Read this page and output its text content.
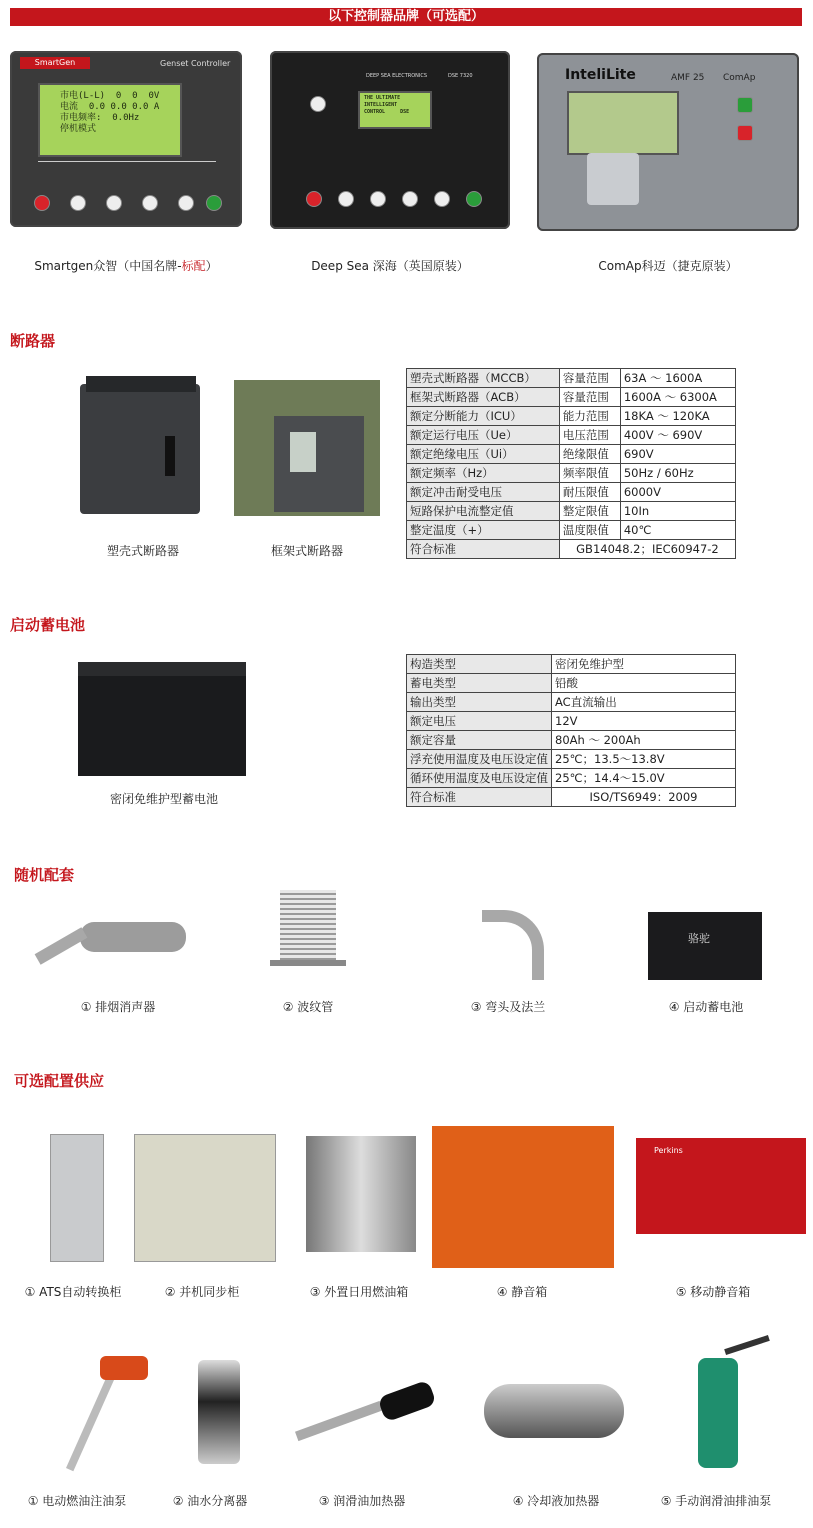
以下控制器品牌（可选配）
SmartGen	Genset Controller
市电(L-L)  0  0  0V
电流  0.0 0.0 0.0 A
市电频率:  0.0Hz
停机模式
Smartgen众智（中国名牌-标配）
DEEP SEA ELECTRONICS	DSE 7320
THE ULTIMATE
INTELLIGENT
CONTROL     DSE
Deep Sea 深海（英国原装）
InteliLite	AMF 25 ComAp
ComAp科迈（捷克原装）
断路器
塑壳式断路器	框架式断路器
塑壳式断路器（MCCB）	容量范围	63A ～ 1600A
框架式断路器（ACB）	容量范围	1600A ～ 6300A
额定分断能力（ICU）	能力范围	18KA ～ 120KA
额定运行电压（Ue）	电压范围	400V ～ 690V
额定绝缘电压（Ui）	绝缘限值	690V
额定频率（Hz）	频率限值	50Hz / 60Hz
额定冲击耐受电压	耐压限值	6000V
短路保护电流整定值	整定限值	10In
整定温度（+）	温度限值	40℃
符合标准	GB14048.2；IEC60947-2	
启动蓄电池
密闭免维护型蓄电池
构造类型	密闭免维护型
蓄电类型	铅酸
输出类型	AC直流输出
额定电压	12V
额定容量	80Ah ～ 200Ah
浮充使用温度及电压设定值	25℃；13.5～13.8V
循环使用温度及电压设定值	25℃；14.4～15.0V
符合标准	ISO/TS6949：2009
随机配套
① 排烟消声器	② 波纹管	③ 弯头及法兰
骆驼
④ 启动蓄电池
可选配置供应
Perkins
① ATS自动转换柜	② 并机同步柜	③ 外置日用燃油箱	④ 静音箱	⑤ 移动静音箱
① 电动燃油注油泵	② 油水分离器	③ 润滑油加热器	④ 冷却液加热器	⑤ 手动润滑油排油泵
